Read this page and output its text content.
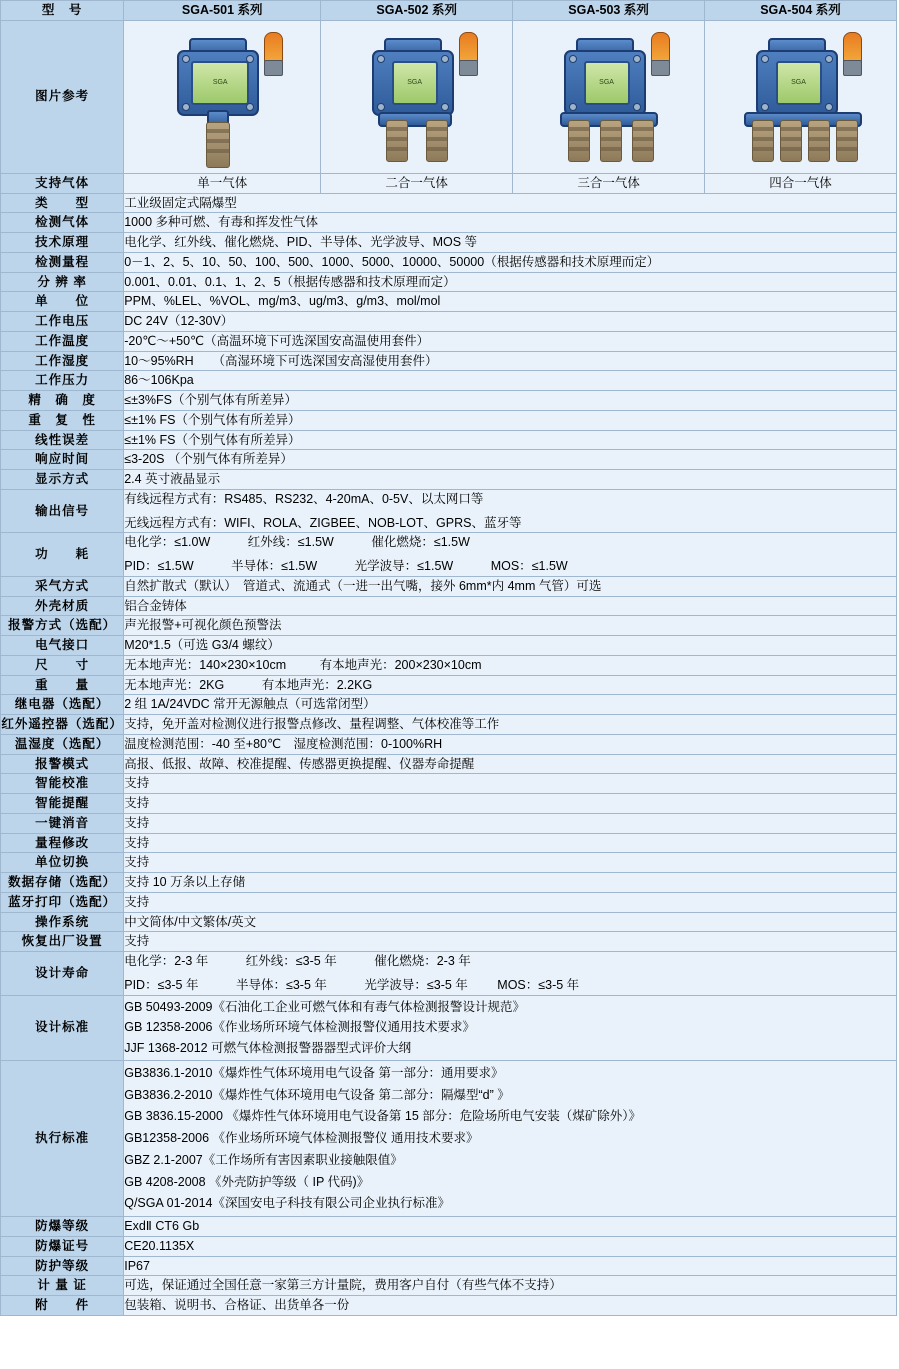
型　号	SGA-501 系列	SGA-502 系列	SGA-503 系列	SGA-504 系列
图片参考	SGA	SGA	SGA	SGA

支持气体	单一气体	二合一气体	三合一气体	四合一气体
类　　型	工业级固定式隔爆型			
检测气体	1000 多种可燃、有毒和挥发性气体			
技术原理	电化学、红外线、催化燃烧、PID、半导体、光学波导、MOS 等			
检测量程	0－1、2、5、10、50、100、500、1000、5000、10000、50000（根据传感器和技术原理而定）			
分 辨 率	0.001、0.01、0.1、1、2、5（根据传感器和技术原理而定）			
单　　位	PPM、%LEL、%VOL、mg/m3、ug/m3、g/m3、mol/mol			
工作电压	DC 24V（12-30V）			
工作温度	-20℃～+50℃（高温环境下可选深国安高温使用套件）			
工作湿度	10～95%RH　　（高湿环境下可选深国安高湿使用套件）			
工作压力	86～106Kpa			
精　确　度	≤±3%FS（个别气体有所差异）			
重　复　性	≤±1% FS（个别气体有所差异）			
线性误差	≤±1% FS（个别气体有所差异）			
响应时间	≤3-20S （个别气体有所差异）			
显示方式	2.4 英寸液晶显示			
输出信号	有线远程方式有：RS485、RS232、4-20mA、0-5V、以太网口等
无线远程方式有：WIFI、ROLA、ZIGBEE、NOB-LOT、GPRS、蓝牙等			

功　　耗	电化学：≤1.0W 红外线：≤1.5W 催化燃烧：≤1.5W
PID：≤1.5W 半导体：≤1.5W 光学波导：≤1.5W MOS：≤1.5W			

采气方式	自然扩散式（默认）　管道式、流通式（一进一出气嘴，接外 6mm*内 4mm 气管）可选			
外壳材质	铝合金铸体			
报警方式（选配）	声光报警+可视化颜色预警法			
电气接口	M20*1.5（可选 G3/4 螺纹）			
尺　　寸	无本地声光：140×230×10cm 有本地声光：200×230×10cm			
重　　量	无本地声光：2KG 有本地声光：2.2KG			
继电器（选配）	2 组 1A/24VDC 常开无源触点（可选常闭型）			
红外遥控器（选配）	支持，免开盖对检测仪进行报警点修改、量程调整、气体校准等工作			
温湿度（选配）	温度检测范围：-40 至+80℃　湿度检测范围：0-100%RH			
报警模式	高报、低报、故障、校准提醒、传感器更换提醒、仪器寿命提醒			
智能校准	支持			
智能提醒	支持			
一键消音	支持			
量程修改	支持			
单位切换	支持			
数据存储（选配）	支持 10 万条以上存储			
蓝牙打印（选配）	支持			
操作系统	中文简体/中文繁体/英文			
恢复出厂设置	支持			
设计寿命	电化学：2-3 年 红外线：≤3-5 年 催化燃烧：2-3 年
PID：≤3-5 年 半导体：≤3-5 年 光学波导：≤3-5 年 MOS：≤3-5 年			

设计标准	GB 50493-2009《石油化工企业可燃气体和有毒气体检测报警设计规范》
GB 12358-2006《作业场所环境气体检测报警仪通用技术要求》
JJF 1368-2012 可燃气体检测报警器器型式评价大纲			

执行标准	
GB3836.1-2010《爆炸性气体环境用电气设备 第一部分：通用要求》
GB3836.2-2010《爆炸性气体环境用电气设备 第二部分：隔爆型“d” 》
GB 3836.15-2000 《爆炸性气体环境用电气设备第 15 部分：危险场所电气安装（煤矿除外）》
GB12358-2006 《作业场所环境气体检测报警仪 通用技术要求》
GBZ 2.1-2007《工作场所有害因素职业接触限值》
GB 4208-2008 《外壳防护等级（ IP 代码)》
Q/SGA 01-2014《深国安电子科技有限公司企业执行标准》

防爆等级	ExdⅡ CT6 Gb			
防爆证号	CE20.1135X			
防护等级	IP67			
计 量 证	可选，保证通过全国任意一家第三方计量院，费用客户自付（有些气体不支持）			
附　　件	包装箱、说明书、合格证、出货单各一份			
